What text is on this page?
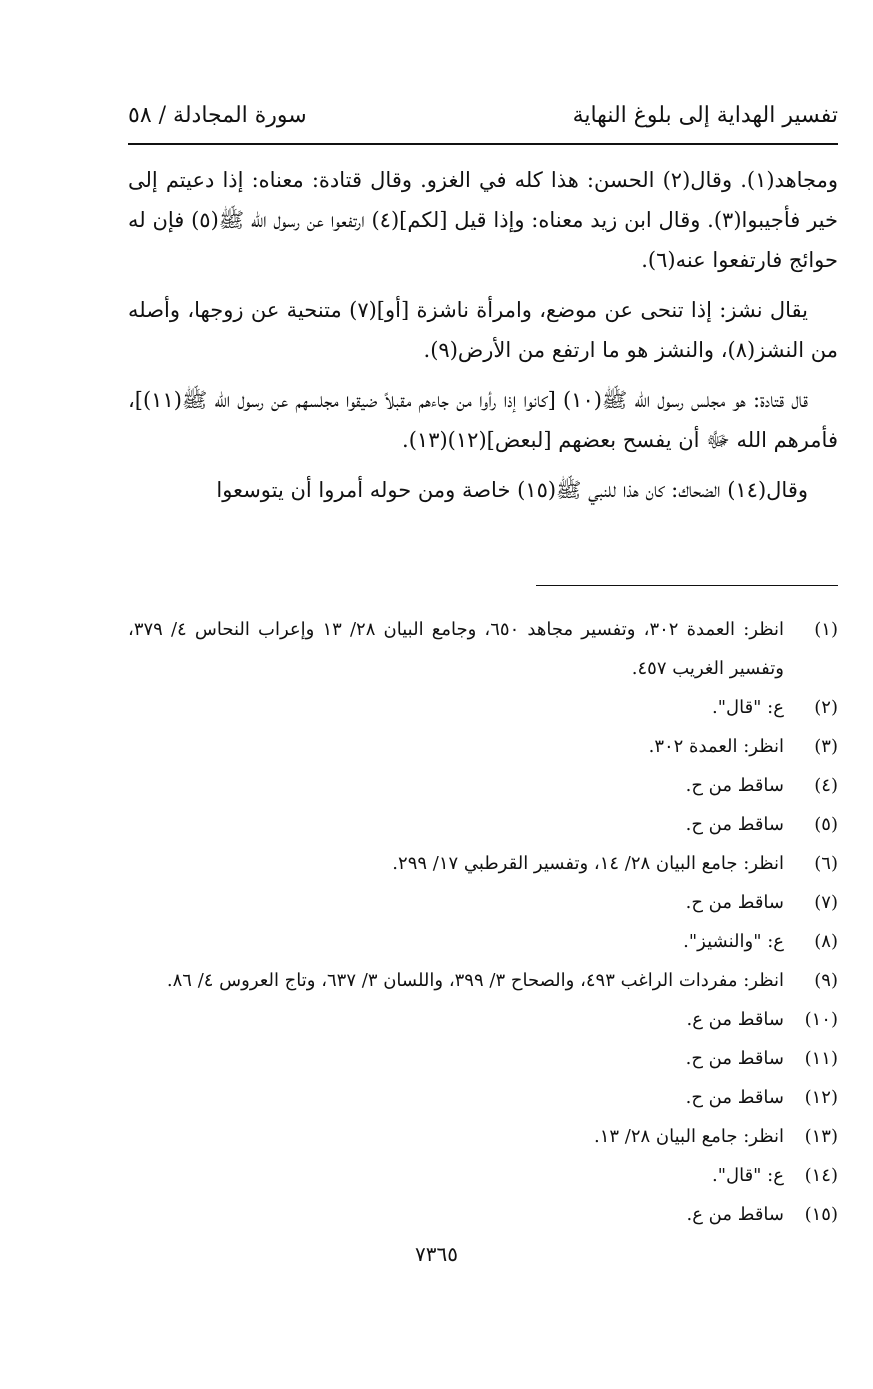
تفسير الهداية إلى بلوغ النهاية
سورة المجادلة / ٥٨

ومجاهد(١). وقال(٢) الحسن: هذا كله في الغزو. وقال قتادة: معناه: إذا دعيتم إلى خير فأجيبوا(٣). وقال ابن زيد معناه: وإذا قيل [لكم](٤) ارتفعوا عن رسول الله ﷺ(٥) فإن له حوائج فارتفعوا عنه(٦).

يقال نشز: إذا تنحى عن موضع، وامرأة ناشزة [أو](٧) متنحية عن زوجها، وأصله من النشز(٨)، والنشز هو ما ارتفع من الأرض(٩).

قال قتادة: هو مجلس رسول الله ﷺ(١٠) [كانوا إذا رأوا من جاءهم مقبلاً ضيقوا مجلسهم عن رسول الله ﷺ(١١)]، فأمرهم الله ﷻ أن يفسح بعضهم [لبعض](١٢)(١٣).

وقال(١٤) الضحاك: كان هذا للنبي ﷺ(١٥) خاصة ومن حوله أمروا أن يتوسعوا

(١)
انظر: العمدة ٣٠٢، وتفسير مجاهد ٦٥٠، وجامع البيان ٢٨/ ١٣ وإعراب النحاس ٤/ ٣٧٩، وتفسير الغريب ٤٥٧.
(٢)
ع: "قال".
(٣)
انظر: العمدة ٣٠٢.
(٤)
ساقط من ح.
(٥)
ساقط من ح.
(٦)
انظر: جامع البيان ٢٨/ ١٤، وتفسير القرطبي ١٧/ ٢٩٩.
(٧)
ساقط من ح.
(٨)
ع: "والنشيز".
(٩)
انظر: مفردات الراغب ٤٩٣، والصحاح ٣/ ٣٩٩، واللسان ٣/ ٦٣٧، وتاج العروس ٤/ ٨٦.
(١٠)
ساقط من ع.
(١١)
ساقط من ح.
(١٢)
ساقط من ح.
(١٣)
انظر: جامع البيان ٢٨/ ١٣.
(١٤)
ع: "قال".
(١٥)
ساقط من ع.
٧٣٦٥
